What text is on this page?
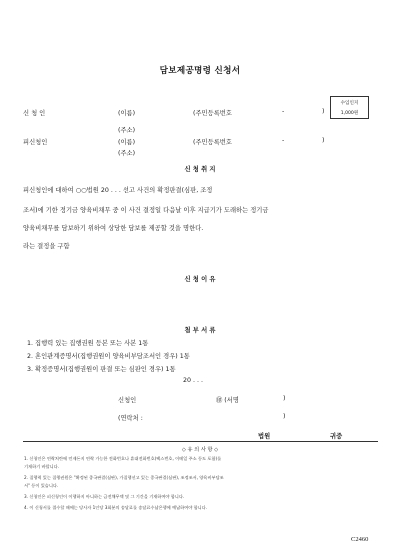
담보제공명령 신청서
수입인지
1,000원
신 청 인	(이름)	(주민등록번호	-	)
(주소)
피신청인	(이름)	(주민등록번호	-	)
(주소)
신 청 취 지
피신청인에 대하여 ○○법원 20 . . . 선고 사건의 확정판결(심판, 조정
조서)에 기한 정기금 양육비채무 중 이 사건 결정일 다음날 이후 지급기가 도래하는 정기금
양육비채무를 담보하기 위하여 상당한 담보를 제공할 것을 명한다.
라는 결정을 구함
신 청 이 유
첨 부 서 류
1. 집행력 있는 집행권원 등본 또는 사본 1통
2. 혼인관계증명서(집행권원이 양육비부담조서인 경우) 1통
3. 확정증명서(집행권원이 판결 또는 심판인 경우) 1통
20 . . .
신청인	㊞ (서명	)
(연락처 :	)
법원	귀중
◇ 유 의 사 항 ◇
1. 신청인은 연락처란에 언제든지 연락 가능한 전화번호나 휴대전화번호(팩스번호, 이메일 주소 등도 포함)를
기재하기 바랍니다.
2. 집행력 있는 집행권원은 "확정된 종국판결(심판), 가집행선고 있는 종국판결(심판), 조정조서, 양육비부담조
서" 등이 있습니다.
3. 신청인은 피신청인이 이행하지 아니하는 금전채무액 및 그 기간을 기재하여야 합니다.
4. 이 신청서를 접수할 때에는 당사자 1인당 3회분의 송달료를 송달료수납은행에 예납하여야 합니다.
C2460
